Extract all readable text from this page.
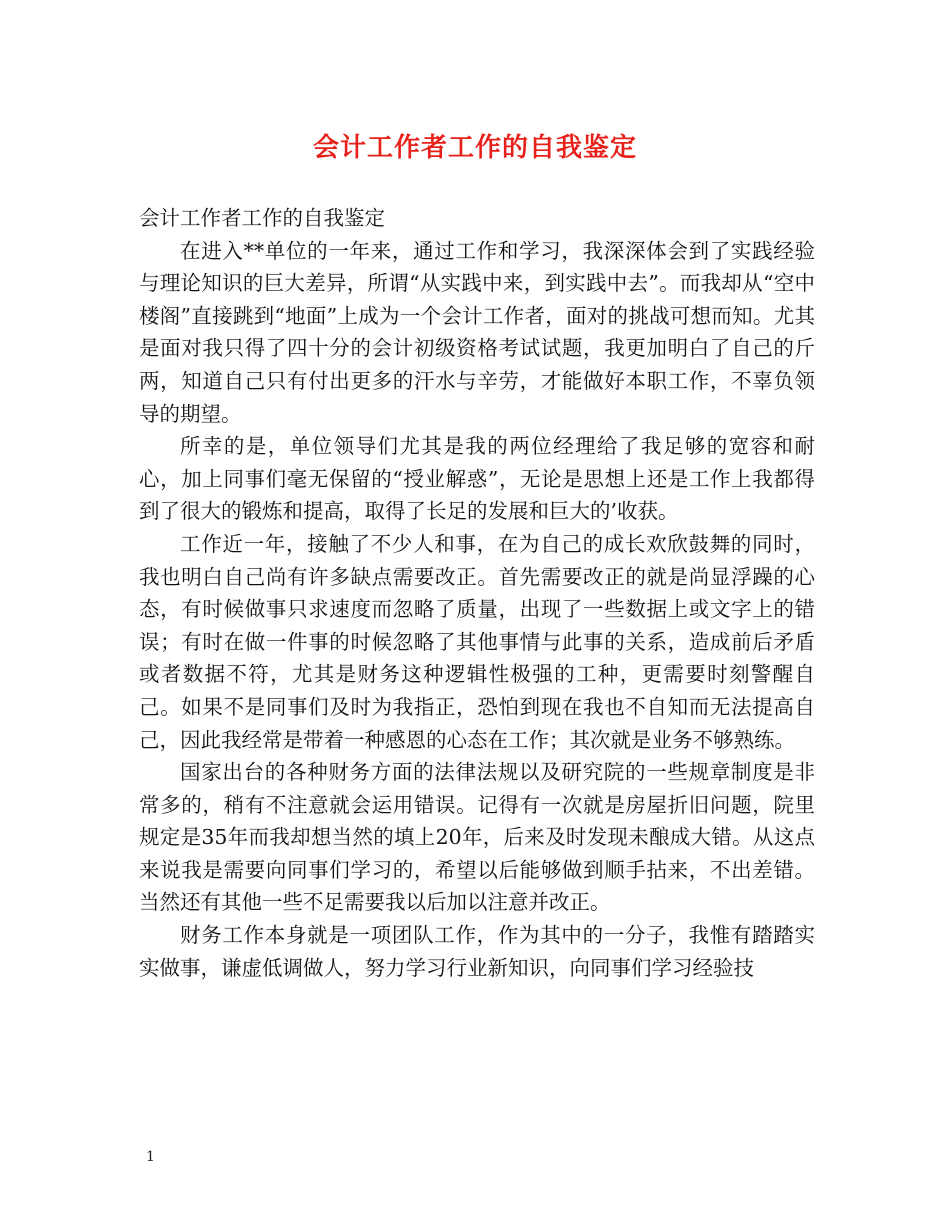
会计工作者工作的自我鉴定

会计工作者工作的自我鉴定

在进入**单位的一年来，通过工作和学习，我深深体会到了实践经验与理论知识的巨大差异，所谓“从实践中来，到实践中去”。而我却从“空中楼阁”直接跳到“地面”上成为一个会计工作者，面对的挑战可想而知。尤其是面对我只得了四十分的会计初级资格考试试题，我更加明白了自己的斤两，知道自己只有付出更多的汗水与辛劳，才能做好本职工作，不辜负领导的期望。

所幸的是，单位领导们尤其是我的两位经理给了我足够的宽容和耐心，加上同事们毫无保留的“授业解惑”，无论是思想上还是工作上我都得到了很大的锻炼和提高，取得了长足的发展和巨大的’收获。

工作近一年，接触了不少人和事，在为自己的成长欢欣鼓舞的同时，我也明白自己尚有许多缺点需要改正。首先需要改正的就是尚显浮躁的心态，有时候做事只求速度而忽略了质量，出现了一些数据上或文字上的错误；有时在做一件事的时候忽略了其他事情与此事的关系，造成前后矛盾或者数据不符，尤其是财务这种逻辑性极强的工种，更需要时刻警醒自己。如果不是同事们及时为我指正，恐怕到现在我也不自知而无法提高自己，因此我经常是带着一种感恩的心态在工作；其次就是业务不够熟练。

国家出台的各种财务方面的法律法规以及研究院的一些规章制度是非常多的，稍有不注意就会运用错误。记得有一次就是房屋折旧问题，院里规定是35年而我却想当然的填上20年，后来及时发现未酿成大错。从这点来说我是需要向同事们学习的，希望以后能够做到顺手拈来，不出差错。当然还有其他一些不足需要我以后加以注意并改正。

财务工作本身就是一项团队工作，作为其中的一分子，我惟有踏踏实实做事，谦虚低调做人，努力学习行业新知识，向同事们学习经验技

1
